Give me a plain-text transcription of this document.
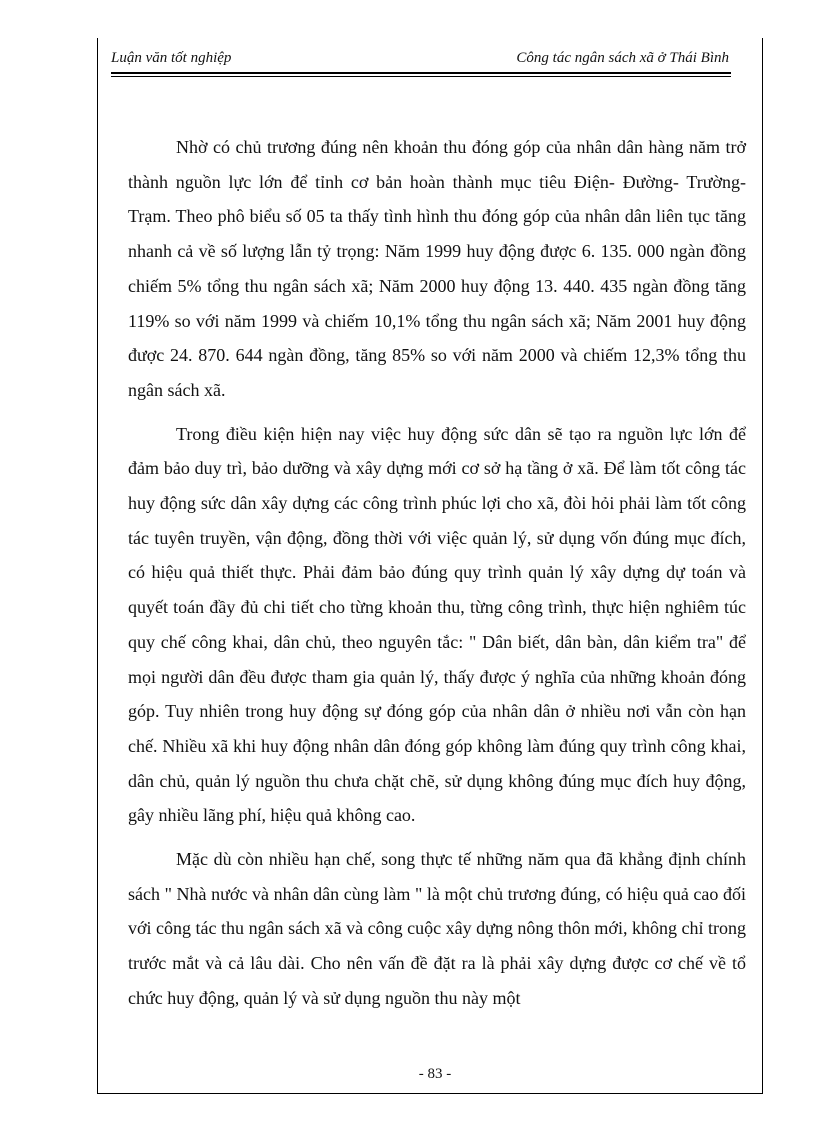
Luận văn tốt nghiệp	Công tác ngân sách xã ở Thái Bình

Nhờ có chủ trương đúng nên khoản thu đóng góp của nhân dân hàng năm trở thành nguồn lực lớn để tỉnh cơ bản hoàn thành mục tiêu Điện- Đường- Trường- Trạm. Theo phô biểu số 05 ta thấy tình hình thu đóng góp của nhân dân liên tục tăng nhanh cả về số lượng lẫn tỷ trọng: Năm 1999 huy động được 6. 135. 000 ngàn đồng chiếm 5% tổng thu ngân sách xã; Năm 2000 huy động 13. 440. 435 ngàn đồng tăng 119% so với năm 1999 và chiếm 10,1% tổng thu ngân sách xã; Năm 2001 huy động được 24. 870. 644 ngàn đồng, tăng 85% so với năm 2000 và chiếm 12,3% tổng thu ngân sách xã.

Trong điều kiện hiện nay việc huy động sức dân sẽ tạo ra nguồn lực lớn để đảm bảo duy trì, bảo dưỡng và xây dựng mới cơ sở hạ tầng ở xã. Để làm tốt công tác huy động sức dân xây dựng các công trình phúc lợi cho xã, đòi hỏi phải làm tốt công tác tuyên truyền, vận động, đồng thời với việc quản lý, sử dụng vốn đúng mục đích, có hiệu quả thiết thực. Phải đảm bảo đúng quy trình quản lý xây dựng dự toán và quyết toán đầy đủ chi tiết cho từng khoản thu, từng công trình, thực hiện nghiêm túc quy chế công khai, dân chủ, theo nguyên tắc: " Dân biết, dân bàn, dân kiểm tra" để mọi người dân đều được tham gia quản lý, thấy được ý nghĩa của những khoản đóng góp. Tuy nhiên trong huy động sự đóng góp của nhân dân ở nhiều nơi vẫn còn hạn chế. Nhiều xã khi huy động nhân dân đóng góp không làm đúng quy trình công khai, dân chủ, quản lý nguồn thu chưa chặt chẽ, sử dụng không đúng mục đích huy động, gây nhiều lãng phí, hiệu quả không cao.

Mặc dù còn nhiều hạn chế, song thực tế những năm qua đã khẳng định chính sách " Nhà nước và nhân dân cùng làm " là một chủ trương đúng, có hiệu quả cao đối với công tác thu ngân sách xã và công cuộc xây dựng nông thôn mới, không chỉ trong trước mắt và cả lâu dài. Cho nên vấn đề đặt ra là phải xây dựng được cơ chế về tổ chức huy động, quản lý và sử dụng nguồn thu này một

- 83 -
